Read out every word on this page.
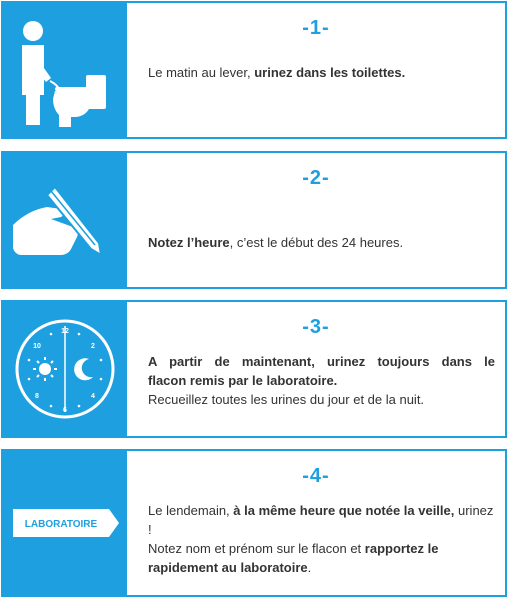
-1-
Le matin au lever, urinez dans les toilettes.
-2-
Notez l’heure, c’est le début des 24 heures.
12
2
4
6
8
10
-3-
A partir de maintenant, urinez toujours dans le
flacon remis par le laboratoire.
Recueillez toutes les urines du jour et de la nuit.
LABORATOIRE
-4-
Le lendemain, à la même heure que notée la veille, urinez !
Notez nom et prénom sur le flacon et rapportez le rapidement au laboratoire.
